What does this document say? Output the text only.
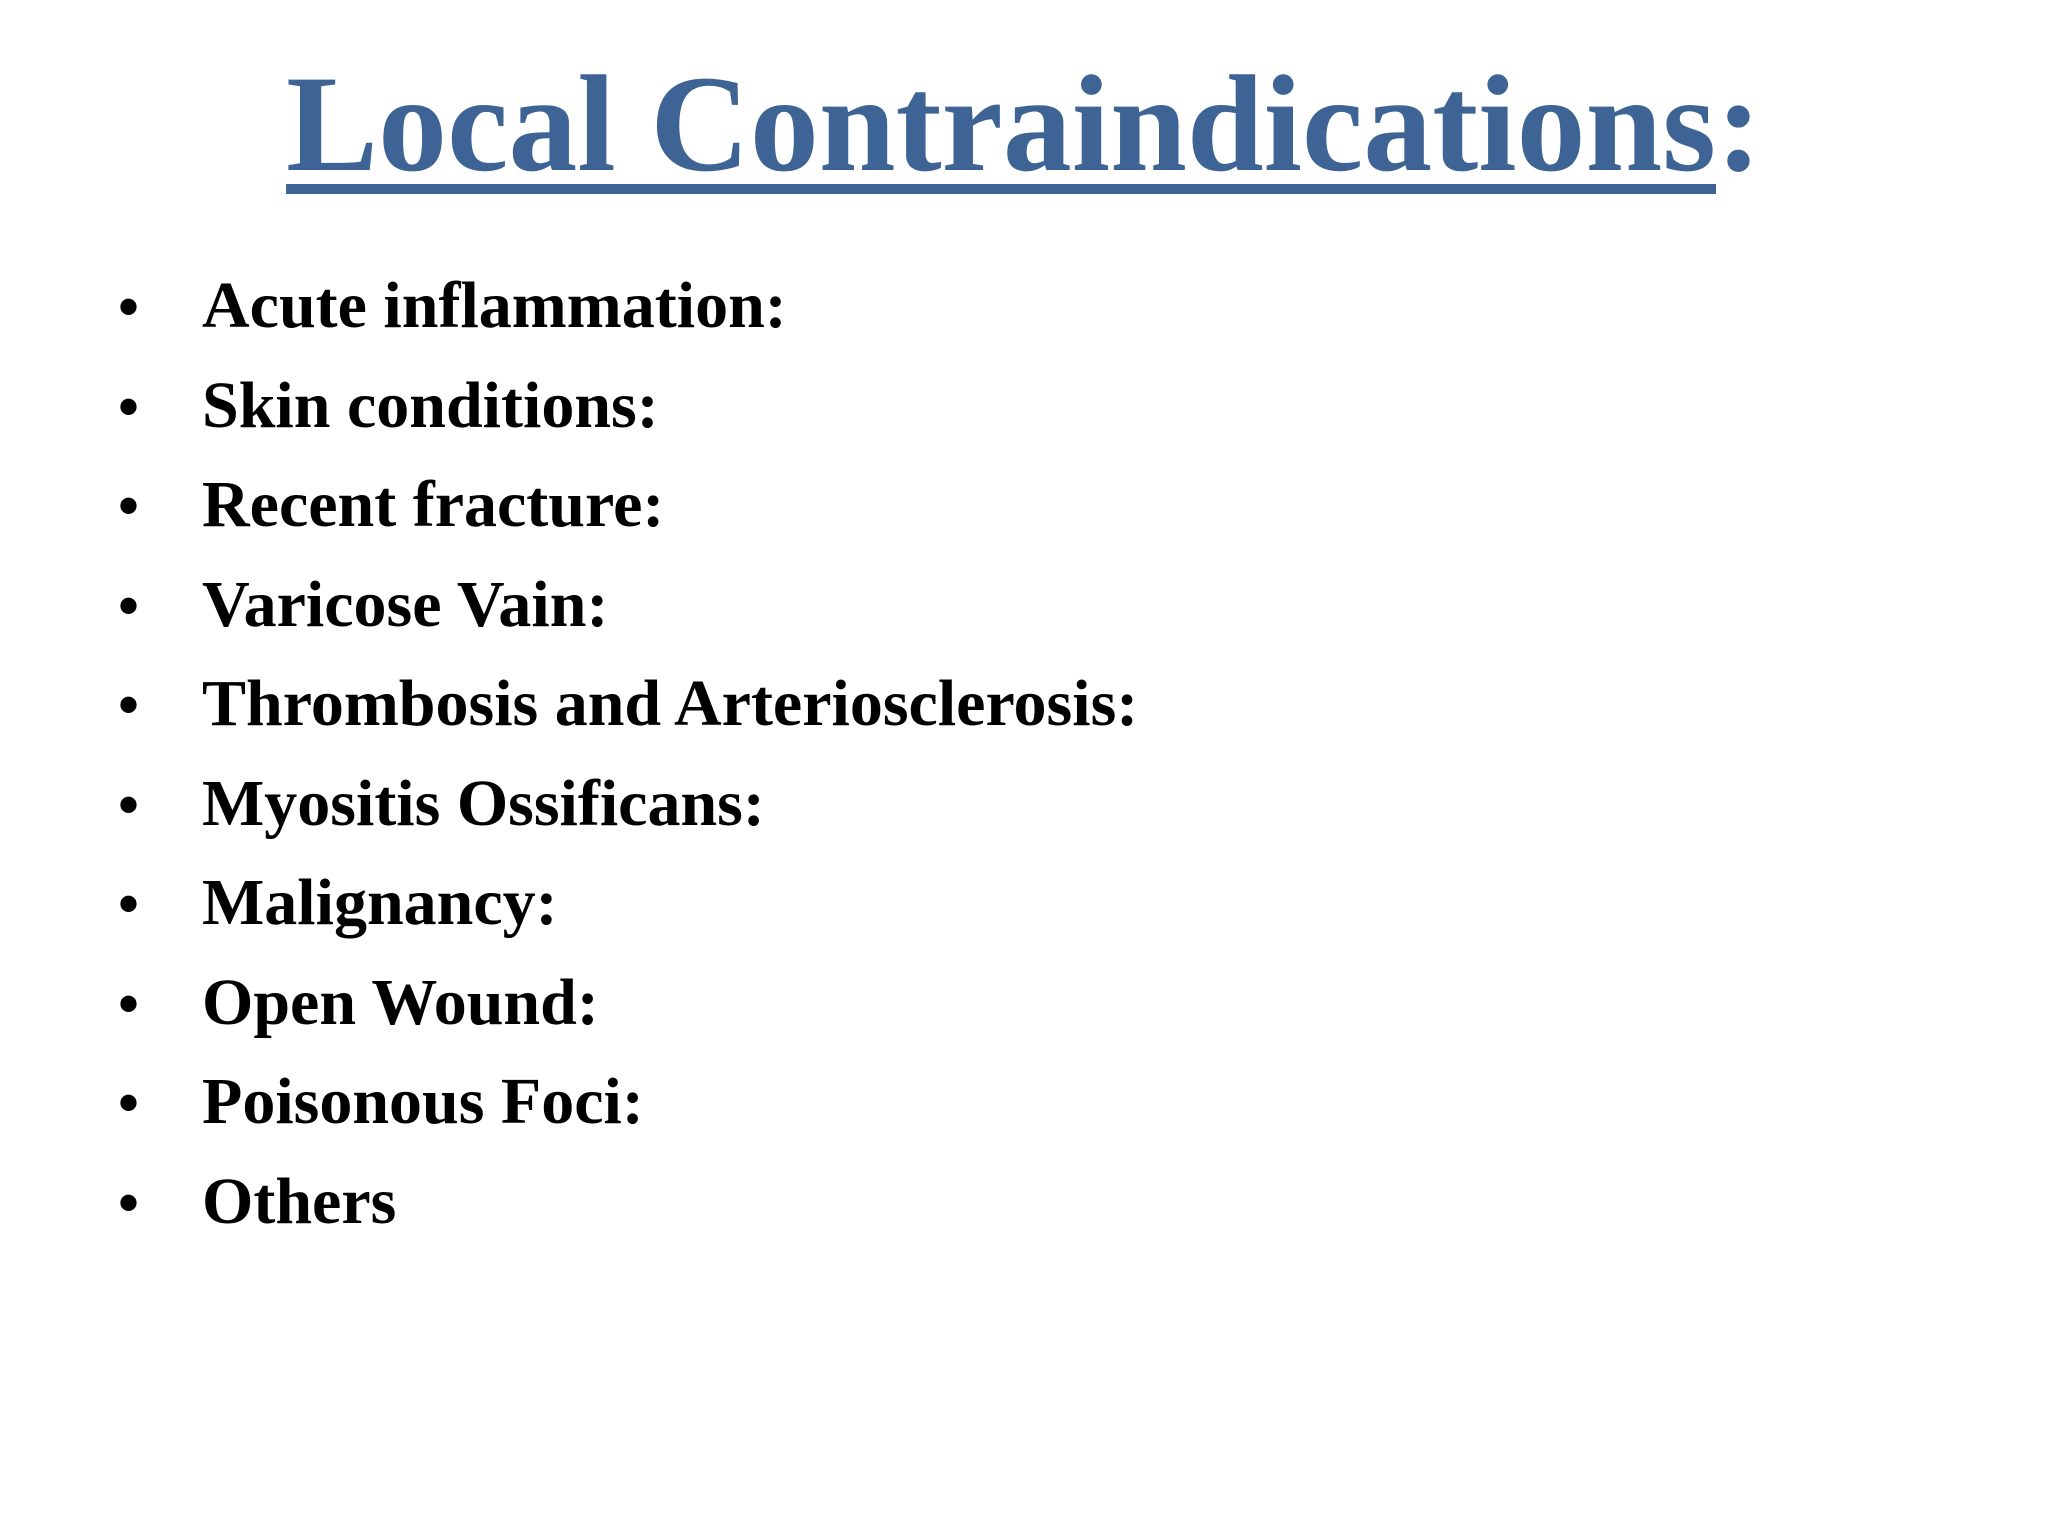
Local Contraindications:
• Acute inflammation:
• Skin conditions:
• Recent fracture:
• Varicose Vain:
• Thrombosis and Arteriosclerosis:
• Myositis Ossificans:
• Malignancy:
• Open Wound:
• Poisonous Foci:
• Others
